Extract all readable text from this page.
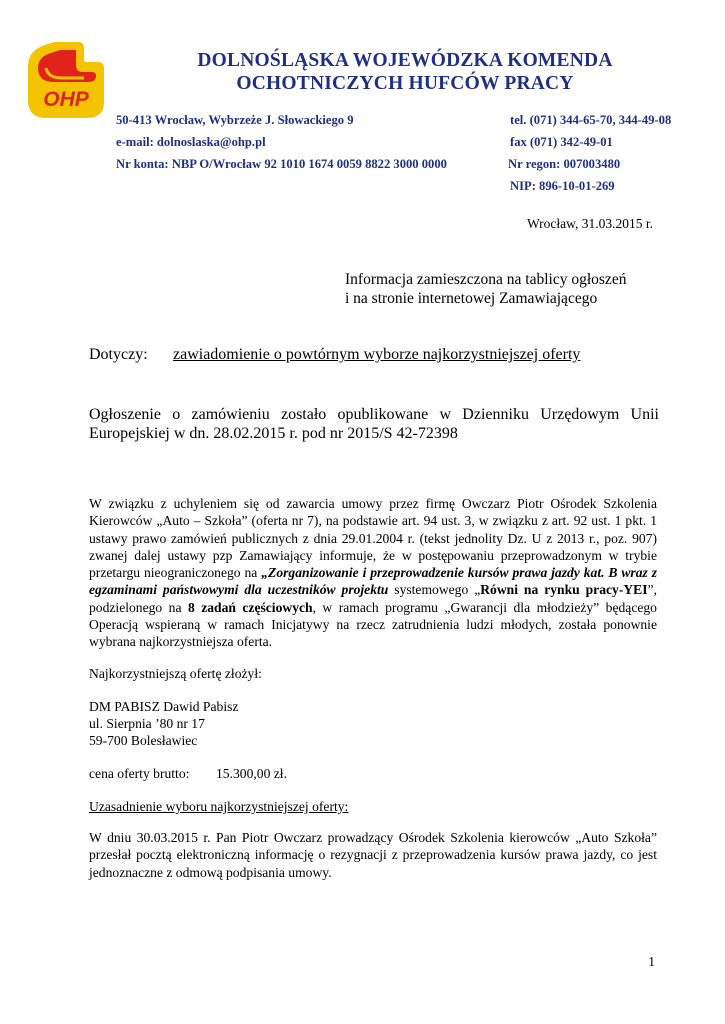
OHP
DOLNOŚLĄSKA WOJEWÓDZKA KOMENDA
OCHOTNICZYCH HUFCÓW PRACY
50-413 Wrocław, Wybrzeże J. Słowackiego 9
e-mail: dolnoslaska@ohp.pl
Nr konta: NBP O/Wrocław 92 1010 1674 0059 8822 3000 0000
tel. (071) 344-65-70, 344-49-08
fax (071) 342-49-01
Nr regon: 007003480
NIP: 896-10-01-269
Wrocław, 31.03.2015 r.
Informacja zamieszczona na tablicy ogłoszeń
i na stronie internetowej Zamawiającego
Dotyczy: zawiadomienie o powtórnym wyborze najkorzystniejszej oferty
Ogłoszenie o zamówieniu zostało opublikowane w Dzienniku Urzędowym Unii Europejskiej w dn. 28.02.2015 r. pod nr 2015/S 42-72398
W związku z uchyleniem się od zawarcia umowy przez firmę Owczarz Piotr Ośrodek Szkolenia Kierowców „Auto – Szkoła” (oferta nr 7), na podstawie art. 94 ust. 3, w związku z art. 92 ust. 1 pkt. 1 ustawy prawo zamówień publicznych z dnia 29.01.2004 r. (tekst jednolity Dz. U z 2013 r., poz. 907) zwanej dalej ustawy pzp Zamawiający informuje, że w postępowaniu przeprowadzonym w trybie przetargu nieograniczonego na „Zorganizowanie i przeprowadzenie kursów prawa jazdy kat. B wraz z egzaminami państwowymi dla uczestników projektu systemowego „Równi na rynku pracy-YEI”, podzielonego na 8 zadań częściowych, w ramach programu „Gwarancji dla młodzieży” będącego Operacją wspieraną w ramach Inicjatywy na rzecz zatrudnienia ludzi młodych, została ponownie wybrana najkorzystniejsza oferta.
Najkorzystniejszą ofertę złożył:
DM PABISZ Dawid Pabisz
ul. Sierpnia ’80 nr 17
59-700 Bolesławiec
cena oferty brutto: 15.300,00 zł.
Uzasadnienie wyboru najkorzystniejszej oferty:
W dniu 30.03.2015 r. Pan Piotr Owczarz prowadzący Ośrodek Szkolenia kierowców „Auto Szkoła” przesłał pocztą elektroniczną informację o rezygnacji z przeprowadzenia kursów prawa jazdy, co jest jednoznaczne z odmową podpisania umowy.
1
